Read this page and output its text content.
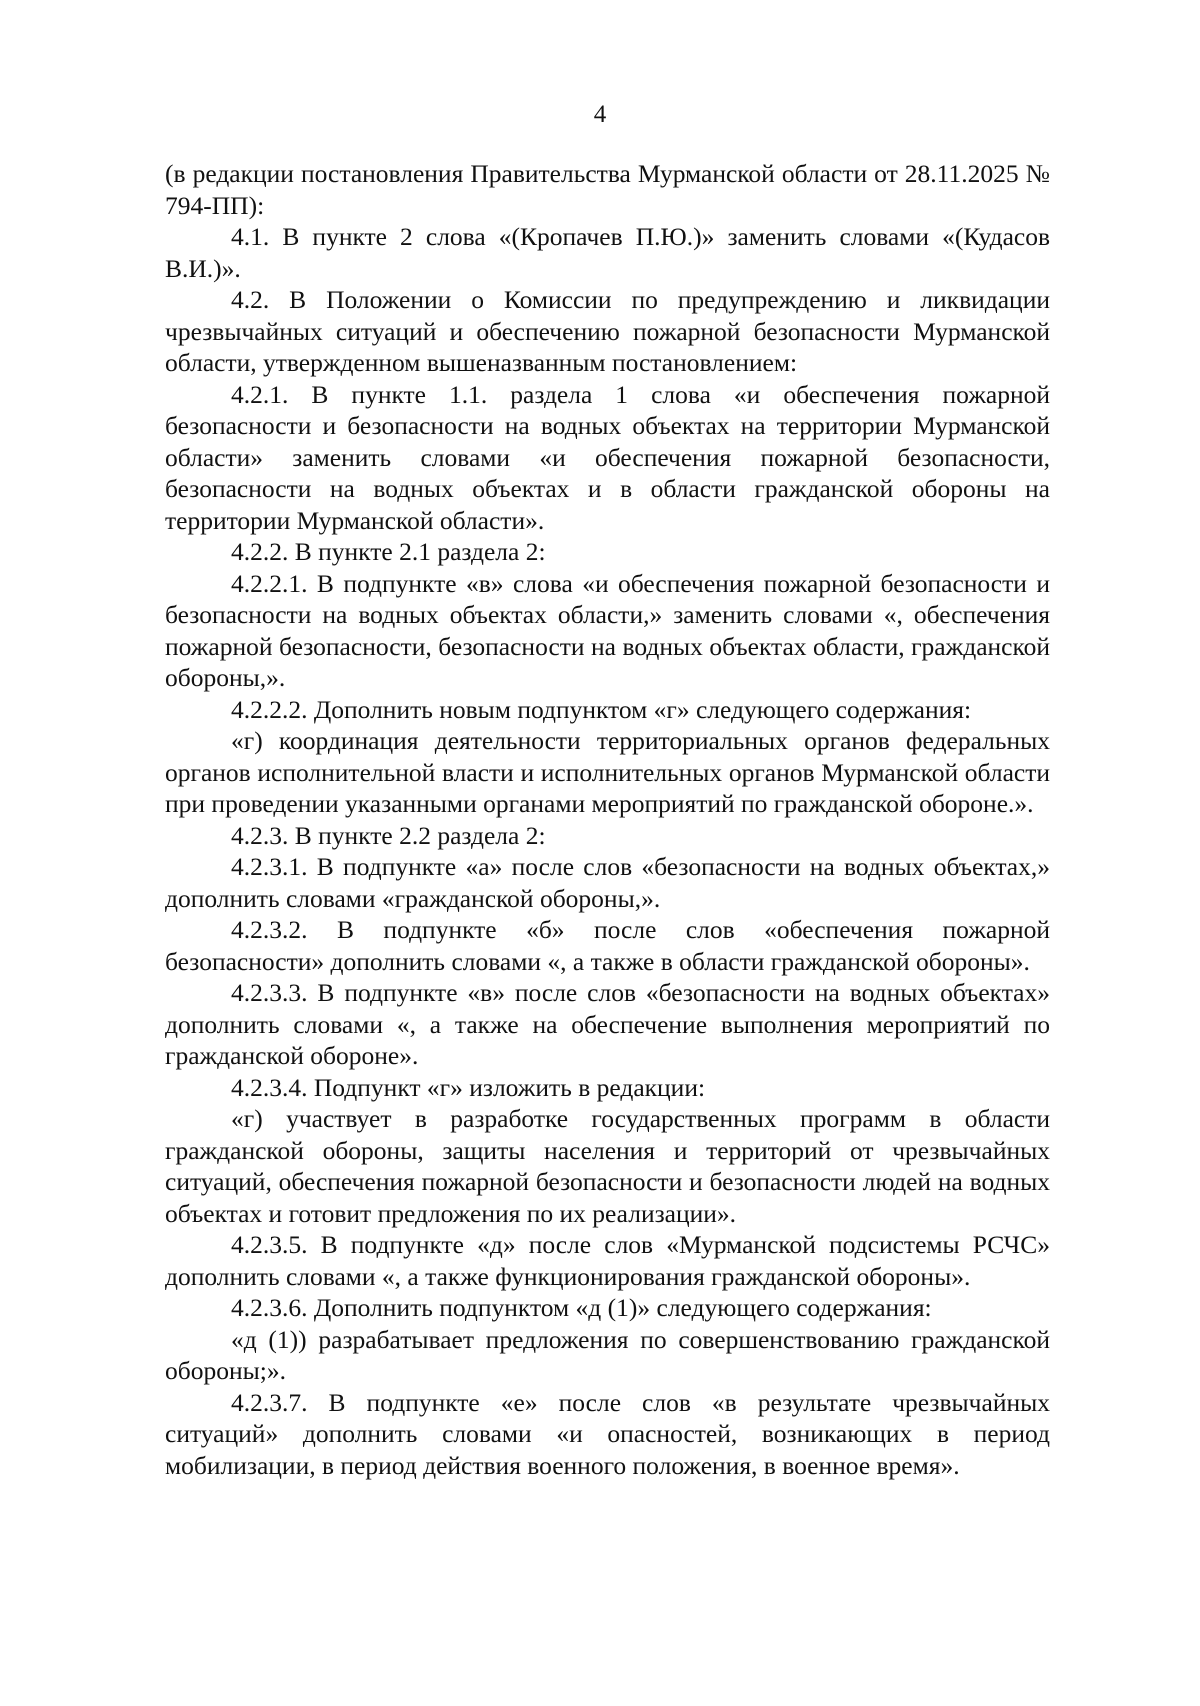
4

(в редакции постановления Правительства Мурманской области от 28.11.2025 № 794-ПП):

4.1. В пункте 2 слова «(Кропачев П.Ю.)» заменить словами «(Кудасов В.И.)».

4.2. В Положении о Комиссии по предупреждению и ликвидации чрезвычайных ситуаций и обеспечению пожарной безопасности Мурманской области, утвержденном вышеназванным постановлением:

4.2.1. В пункте 1.1. раздела 1 слова «и обеспечения пожарной безопасности и безопасности на водных объектах на территории Мурманской области» заменить словами «и обеспечения пожарной безопасности, безопасности на водных объектах и в области гражданской обороны на территории Мурманской области».

4.2.2. В пункте 2.1 раздела 2:

4.2.2.1. В подпункте «в» слова «и обеспечения пожарной безопасности и безопасности на водных объектах области,» заменить словами «, обеспечения пожарной безопасности, безопасности на водных объектах области, гражданской обороны,».

4.2.2.2. Дополнить новым подпунктом «г» следующего содержания:

«г) координация деятельности территориальных органов федеральных органов исполнительной власти и исполнительных органов Мурманской области при проведении указанными органами мероприятий по гражданской обороне.».

4.2.3. В пункте 2.2 раздела 2:

4.2.3.1. В подпункте «а» после слов «безопасности на водных объектах,» дополнить словами «гражданской обороны,».

4.2.3.2. В подпункте «б» после слов «обеспечения пожарной безопасности» дополнить словами «, а также в области гражданской обороны».

4.2.3.3. В подпункте «в» после слов «безопасности на водных объектах» дополнить словами «, а также на обеспечение выполнения мероприятий по гражданской обороне».

4.2.3.4. Подпункт «г» изложить в редакции:

«г) участвует в разработке государственных программ в области гражданской обороны, защиты населения и территорий от чрезвычайных ситуаций, обеспечения пожарной безопасности и безопасности людей на водных объектах и готовит предложения по их реализации».

4.2.3.5. В подпункте «д» после слов «Мурманской подсистемы РСЧС» дополнить словами «, а также функционирования гражданской обороны».

4.2.3.6. Дополнить подпунктом «д (1)» следующего содержания:

«д (1)) разрабатывает предложения по совершенствованию гражданской обороны;».

4.2.3.7. В подпункте «е» после слов «в результате чрезвычайных ситуаций» дополнить словами «и опасностей, возникающих в период мобилизации, в период действия военного положения, в военное время».
